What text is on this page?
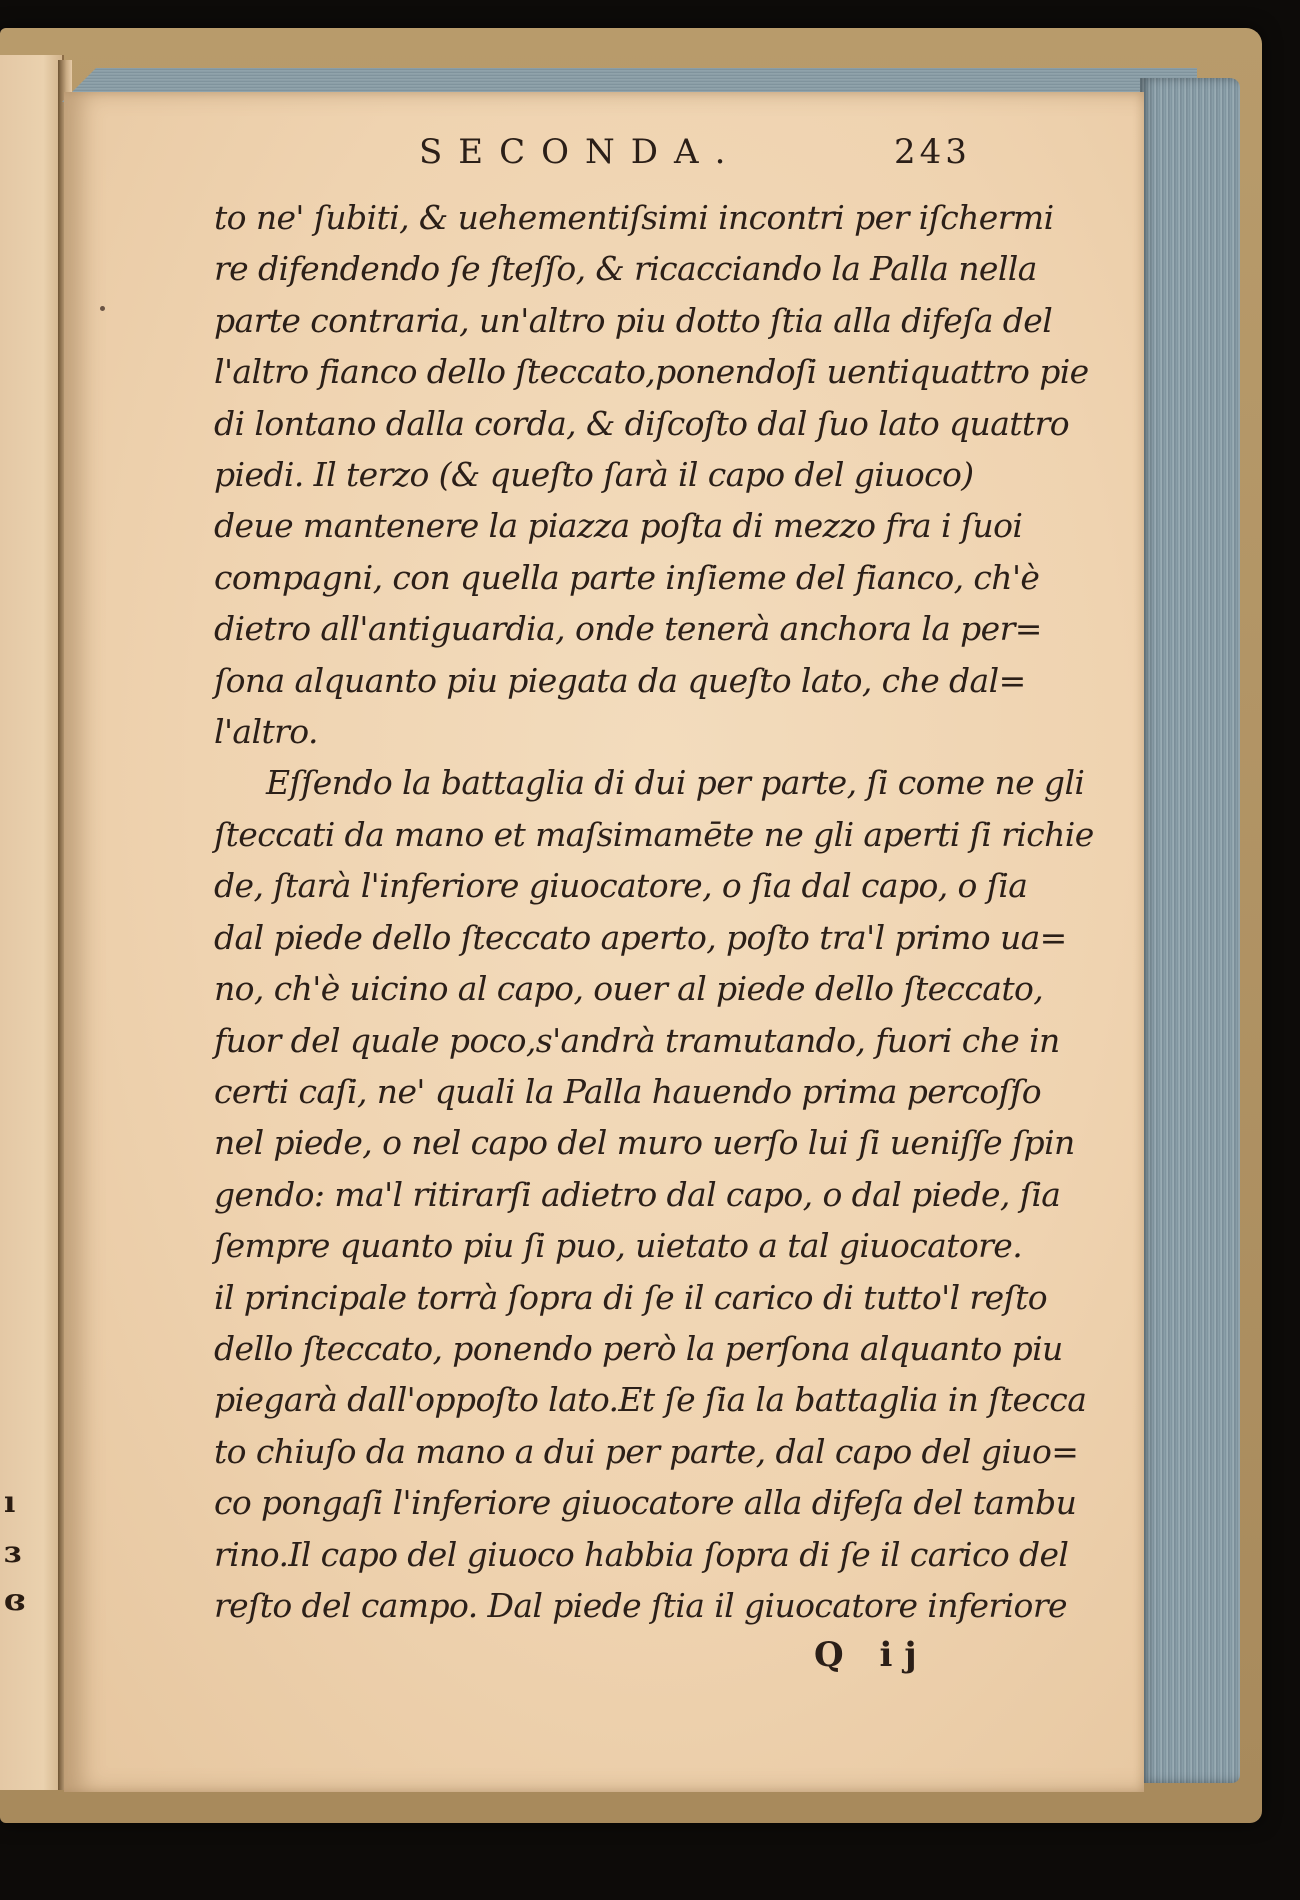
ı
ɜ
ɞ
SECONDA.	243
to ne' ſubiti, & uehementiſsimi incontri per iſchermi
re difendendo ſe ſteſſo, & ricacciando la Palla nella
parte contraria, un'altro piu dotto ſtia alla difeſa del
l'altro fianco dello ſteccato,ponendoſi uentiquattro pie
di lontano dalla corda, & diſcoſto dal ſuo lato quattro
piedi. Il terzo (& queſto ſarà il capo del giuoco)
deue mantenere la piazza poſta di mezzo fra i ſuoi
compagni, con quella parte inſieme del fianco, ch'è
dietro all'antiguardia, onde tenerà anchora la per=
ſona alquanto piu piegata da queſto lato, che dal=
l'altro.
Eſſendo la battaglia di dui per parte, ſi come ne gli
ſteccati da mano et maſsimamēte ne gli aperti ſi richie
de, ſtarà l'inferiore giuocatore, o ſia dal capo, o ſia
dal piede dello ſteccato aperto, poſto tra'l primo ua=
no, ch'è uicino al capo, ouer al piede dello ſteccato,
fuor del quale poco,s'andrà tramutando, fuori che in
certi caſi, ne' quali la Palla hauendo prima percoſſo
nel piede, o nel capo del muro uerſo lui ſi ueniſſe ſpin
gendo: ma'l ritirarſi adietro dal capo, o dal piede, ſia
ſempre quanto piu ſi puo, uietato a tal giuocatore.
il principale torrà ſopra di ſe il carico di tutto'l reſto
dello ſteccato, ponendo però la perſona alquanto piu
piegarà dall'oppoſto lato.Et ſe ſia la battaglia in ſtecca
to chiuſo da mano a dui per parte, dal capo del giuo=
co pongaſi l'inferiore giuocatore alla difeſa del tambu
rino.Il capo del giuoco habbia ſopra di ſe il carico del
reſto del campo. Dal piede ſtia il giuocatore inferiore
Q ij
